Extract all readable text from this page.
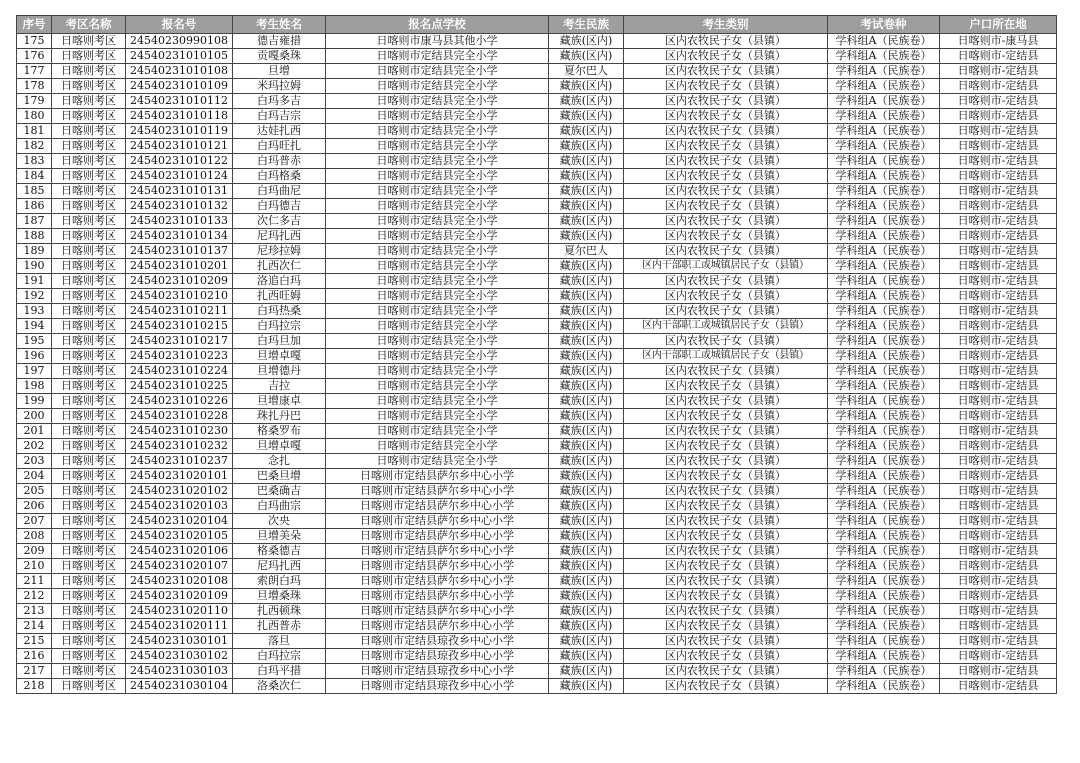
序号	考区名称	报名号	考生姓名	报名点学校	考生民族	考生类别	考试卷种	户口所在地
175	日喀则考区	24540230990108	德吉雍措	日喀则市康马县其他小学	藏族(区内)	区内农牧民子女（县镇）	学科组A（民族卷）	日喀则市-康马县
176	日喀则考区	24540231010105	贡嘎桑珠	日喀则市定结县完全小学	藏族(区内)	区内农牧民子女（县镇）	学科组A（民族卷）	日喀则市-定结县
177	日喀则考区	24540231010108	旦增	日喀则市定结县完全小学	夏尔巴人	区内农牧民子女（县镇）	学科组A（民族卷）	日喀则市-定结县
178	日喀则考区	24540231010109	米玛拉姆	日喀则市定结县完全小学	藏族(区内)	区内农牧民子女（县镇）	学科组A（民族卷）	日喀则市-定结县
179	日喀则考区	24540231010112	白玛多吉	日喀则市定结县完全小学	藏族(区内)	区内农牧民子女（县镇）	学科组A（民族卷）	日喀则市-定结县
180	日喀则考区	24540231010118	白玛吉宗	日喀则市定结县完全小学	藏族(区内)	区内农牧民子女（县镇）	学科组A（民族卷）	日喀则市-定结县
181	日喀则考区	24540231010119	达娃扎西	日喀则市定结县完全小学	藏族(区内)	区内农牧民子女（县镇）	学科组A（民族卷）	日喀则市-定结县
182	日喀则考区	24540231010121	白玛旺扎	日喀则市定结县完全小学	藏族(区内)	区内农牧民子女（县镇）	学科组A（民族卷）	日喀则市-定结县
183	日喀则考区	24540231010122	白玛普赤	日喀则市定结县完全小学	藏族(区内)	区内农牧民子女（县镇）	学科组A（民族卷）	日喀则市-定结县
184	日喀则考区	24540231010124	白玛格桑	日喀则市定结县完全小学	藏族(区内)	区内农牧民子女（县镇）	学科组A（民族卷）	日喀则市-定结县
185	日喀则考区	24540231010131	白玛曲尼	日喀则市定结县完全小学	藏族(区内)	区内农牧民子女（县镇）	学科组A（民族卷）	日喀则市-定结县
186	日喀则考区	24540231010132	白玛德吉	日喀则市定结县完全小学	藏族(区内)	区内农牧民子女（县镇）	学科组A（民族卷）	日喀则市-定结县
187	日喀则考区	24540231010133	次仁多吉	日喀则市定结县完全小学	藏族(区内)	区内农牧民子女（县镇）	学科组A（民族卷）	日喀则市-定结县
188	日喀则考区	24540231010134	尼玛扎西	日喀则市定结县完全小学	藏族(区内)	区内农牧民子女（县镇）	学科组A（民族卷）	日喀则市-定结县
189	日喀则考区	24540231010137	尼珍拉姆	日喀则市定结县完全小学	夏尔巴人	区内农牧民子女（县镇）	学科组A（民族卷）	日喀则市-定结县
190	日喀则考区	24540231010201	扎西次仁	日喀则市定结县完全小学	藏族(区内)	区内干部职工或城镇居民子女（县镇）	学科组A（民族卷）	日喀则市-定结县
191	日喀则考区	24540231010209	洛追白玛	日喀则市定结县完全小学	藏族(区内)	区内农牧民子女（县镇）	学科组A（民族卷）	日喀则市-定结县
192	日喀则考区	24540231010210	扎西旺姆	日喀则市定结县完全小学	藏族(区内)	区内农牧民子女（县镇）	学科组A（民族卷）	日喀则市-定结县
193	日喀则考区	24540231010211	白玛热桑	日喀则市定结县完全小学	藏族(区内)	区内农牧民子女（县镇）	学科组A（民族卷）	日喀则市-定结县
194	日喀则考区	24540231010215	白玛拉宗	日喀则市定结县完全小学	藏族(区内)	区内干部职工或城镇居民子女（县镇）	学科组A（民族卷）	日喀则市-定结县
195	日喀则考区	24540231010217	白玛旦加	日喀则市定结县完全小学	藏族(区内)	区内农牧民子女（县镇）	学科组A（民族卷）	日喀则市-定结县
196	日喀则考区	24540231010223	旦增卓嘎	日喀则市定结县完全小学	藏族(区内)	区内干部职工或城镇居民子女（县镇）	学科组A（民族卷）	日喀则市-定结县
197	日喀则考区	24540231010224	旦增德丹	日喀则市定结县完全小学	藏族(区内)	区内农牧民子女（县镇）	学科组A（民族卷）	日喀则市-定结县
198	日喀则考区	24540231010225	吉拉	日喀则市定结县完全小学	藏族(区内)	区内农牧民子女（县镇）	学科组A（民族卷）	日喀则市-定结县
199	日喀则考区	24540231010226	旦增康卓	日喀则市定结县完全小学	藏族(区内)	区内农牧民子女（县镇）	学科组A（民族卷）	日喀则市-定结县
200	日喀则考区	24540231010228	珠扎丹巴	日喀则市定结县完全小学	藏族(区内)	区内农牧民子女（县镇）	学科组A（民族卷）	日喀则市-定结县
201	日喀则考区	24540231010230	格桑罗布	日喀则市定结县完全小学	藏族(区内)	区内农牧民子女（县镇）	学科组A（民族卷）	日喀则市-定结县
202	日喀则考区	24540231010232	旦增卓嘎	日喀则市定结县完全小学	藏族(区内)	区内农牧民子女（县镇）	学科组A（民族卷）	日喀则市-定结县
203	日喀则考区	24540231010237	念扎	日喀则市定结县完全小学	藏族(区内)	区内农牧民子女（县镇）	学科组A（民族卷）	日喀则市-定结县
204	日喀则考区	24540231020101	巴桑旦增	日喀则市定结县萨尔乡中心小学	藏族(区内)	区内农牧民子女（县镇）	学科组A（民族卷）	日喀则市-定结县
205	日喀则考区	24540231020102	巴桑确吉	日喀则市定结县萨尔乡中心小学	藏族(区内)	区内农牧民子女（县镇）	学科组A（民族卷）	日喀则市-定结县
206	日喀则考区	24540231020103	白玛曲宗	日喀则市定结县萨尔乡中心小学	藏族(区内)	区内农牧民子女（县镇）	学科组A（民族卷）	日喀则市-定结县
207	日喀则考区	24540231020104	次央	日喀则市定结县萨尔乡中心小学	藏族(区内)	区内农牧民子女（县镇）	学科组A（民族卷）	日喀则市-定结县
208	日喀则考区	24540231020105	旦增美朵	日喀则市定结县萨尔乡中心小学	藏族(区内)	区内农牧民子女（县镇）	学科组A（民族卷）	日喀则市-定结县
209	日喀则考区	24540231020106	格桑德吉	日喀则市定结县萨尔乡中心小学	藏族(区内)	区内农牧民子女（县镇）	学科组A（民族卷）	日喀则市-定结县
210	日喀则考区	24540231020107	尼玛扎西	日喀则市定结县萨尔乡中心小学	藏族(区内)	区内农牧民子女（县镇）	学科组A（民族卷）	日喀则市-定结县
211	日喀则考区	24540231020108	索朗白玛	日喀则市定结县萨尔乡中心小学	藏族(区内)	区内农牧民子女（县镇）	学科组A（民族卷）	日喀则市-定结县
212	日喀则考区	24540231020109	旦增桑珠	日喀则市定结县萨尔乡中心小学	藏族(区内)	区内农牧民子女（县镇）	学科组A（民族卷）	日喀则市-定结县
213	日喀则考区	24540231020110	扎西顿珠	日喀则市定结县萨尔乡中心小学	藏族(区内)	区内农牧民子女（县镇）	学科组A（民族卷）	日喀则市-定结县
214	日喀则考区	24540231020111	扎西普赤	日喀则市定结县萨尔乡中心小学	藏族(区内)	区内农牧民子女（县镇）	学科组A（民族卷）	日喀则市-定结县
215	日喀则考区	24540231030101	落旦	日喀则市定结县琼孜乡中心小学	藏族(区内)	区内农牧民子女（县镇）	学科组A（民族卷）	日喀则市-定结县
216	日喀则考区	24540231030102	白玛拉宗	日喀则市定结县琼孜乡中心小学	藏族(区内)	区内农牧民子女（县镇）	学科组A（民族卷）	日喀则市-定结县
217	日喀则考区	24540231030103	白玛平措	日喀则市定结县琼孜乡中心小学	藏族(区内)	区内农牧民子女（县镇）	学科组A（民族卷）	日喀则市-定结县
218	日喀则考区	24540231030104	洛桑次仁	日喀则市定结县琼孜乡中心小学	藏族(区内)	区内农牧民子女（县镇）	学科组A（民族卷）	日喀则市-定结县
